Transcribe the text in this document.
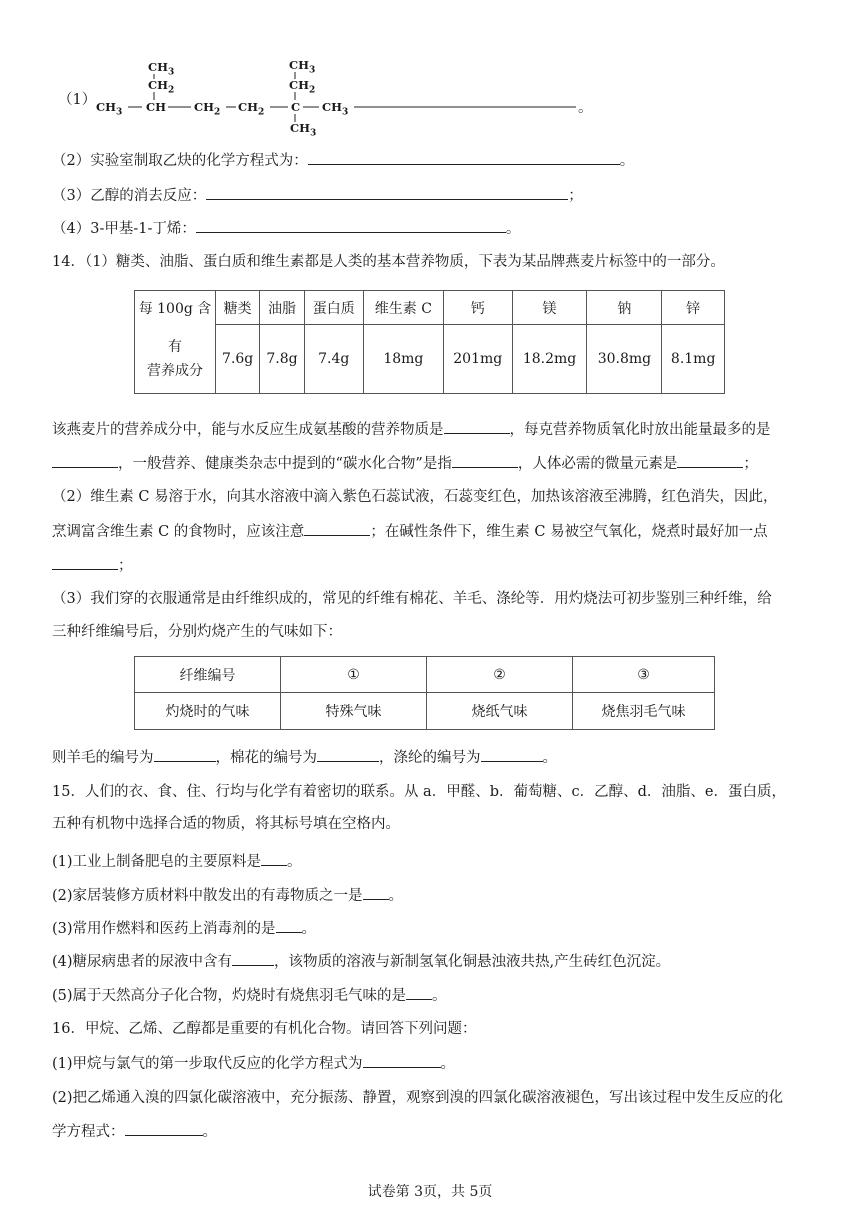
（1）
$CH_3$
$CH_2$
$CH_3$
$CH_2$
$CH_3$ CH $CH_2$ $CH_2$ C $CH_3$
$CH_3$
。
（2）实验室制取乙炔的化学方程式为：	。
（3）乙醇的消去反应：	；
（4）3-甲基-1-丁烯：	。
14．（1）糖类、油脂、蛋白质和维生素都是人类的基本营养物质，下表为某品牌燕麦片标签中的一部分。
每 100g 含	糖类	油脂	蛋白质	维生素 C	钙	镁	钠	锌

有
营养成分	7.6g	7.8g	7.4g	18mg	201mg	18.2mg	30.8mg	8.1mg
该燕麦片的营养成分中，能与水反应生成氨基酸的营养物质是	，每克营养物质氧化时放出能量最多的是
，一般营养、健康类杂志中提到的“碳水化合物”是指	，人体必需的微量元素是	；
（2）维生素 C 易溶于水，向其水溶液中滴入紫色石蕊试液，石蕊变红色，加热该溶液至沸腾，红色消失，因此，
烹调富含维生素 C 的食物时，应该注意	；在碱性条件下，维生素 C 易被空气氧化，烧煮时最好加一点
；
（3）我们穿的衣服通常是由纤维织成的，常见的纤维有棉花、羊毛、涤纶等．用灼烧法可初步鉴别三种纤维，给
三种纤维编号后，分别灼烧产生的气味如下：
纤维编号	①	②	③
灼烧时的气味	特殊气味	烧纸气味	烧焦羽毛气味
则羊毛的编号为	，棉花的编号为	，涤纶的编号为	。
15．人们的衣、食、住、行均与化学有着密切的联系。从 a．甲醛、b．葡萄糖、c．乙醇、d．油脂、e．蛋白质，
五种有机物中选择合适的物质，将其标号填在空格内。
(1)工业上制备肥皂的主要原料是 。
(2)家居装修方质材料中散发出的有毒物质之一是 。
(3)常用作燃料和医药上消毒剂的是 。
(4)糖尿病患者的尿液中含有	，该物质的溶液与新制氢氧化铜悬浊液共热,产生砖红色沉淀。
(5)属于天然高分子化合物，灼烧时有烧焦羽毛气味的是 。
16．甲烷、乙烯、乙醇都是重要的有机化合物。请回答下列问题：
(1)甲烷与氯气的第一步取代反应的化学方程式为	。
(2)把乙烯通入溴的四氯化碳溶液中，充分振荡、静置，观察到溴的四氯化碳溶液褪色，写出该过程中发生反应的化
学方程式：	。
试卷第 3页，共 5页
